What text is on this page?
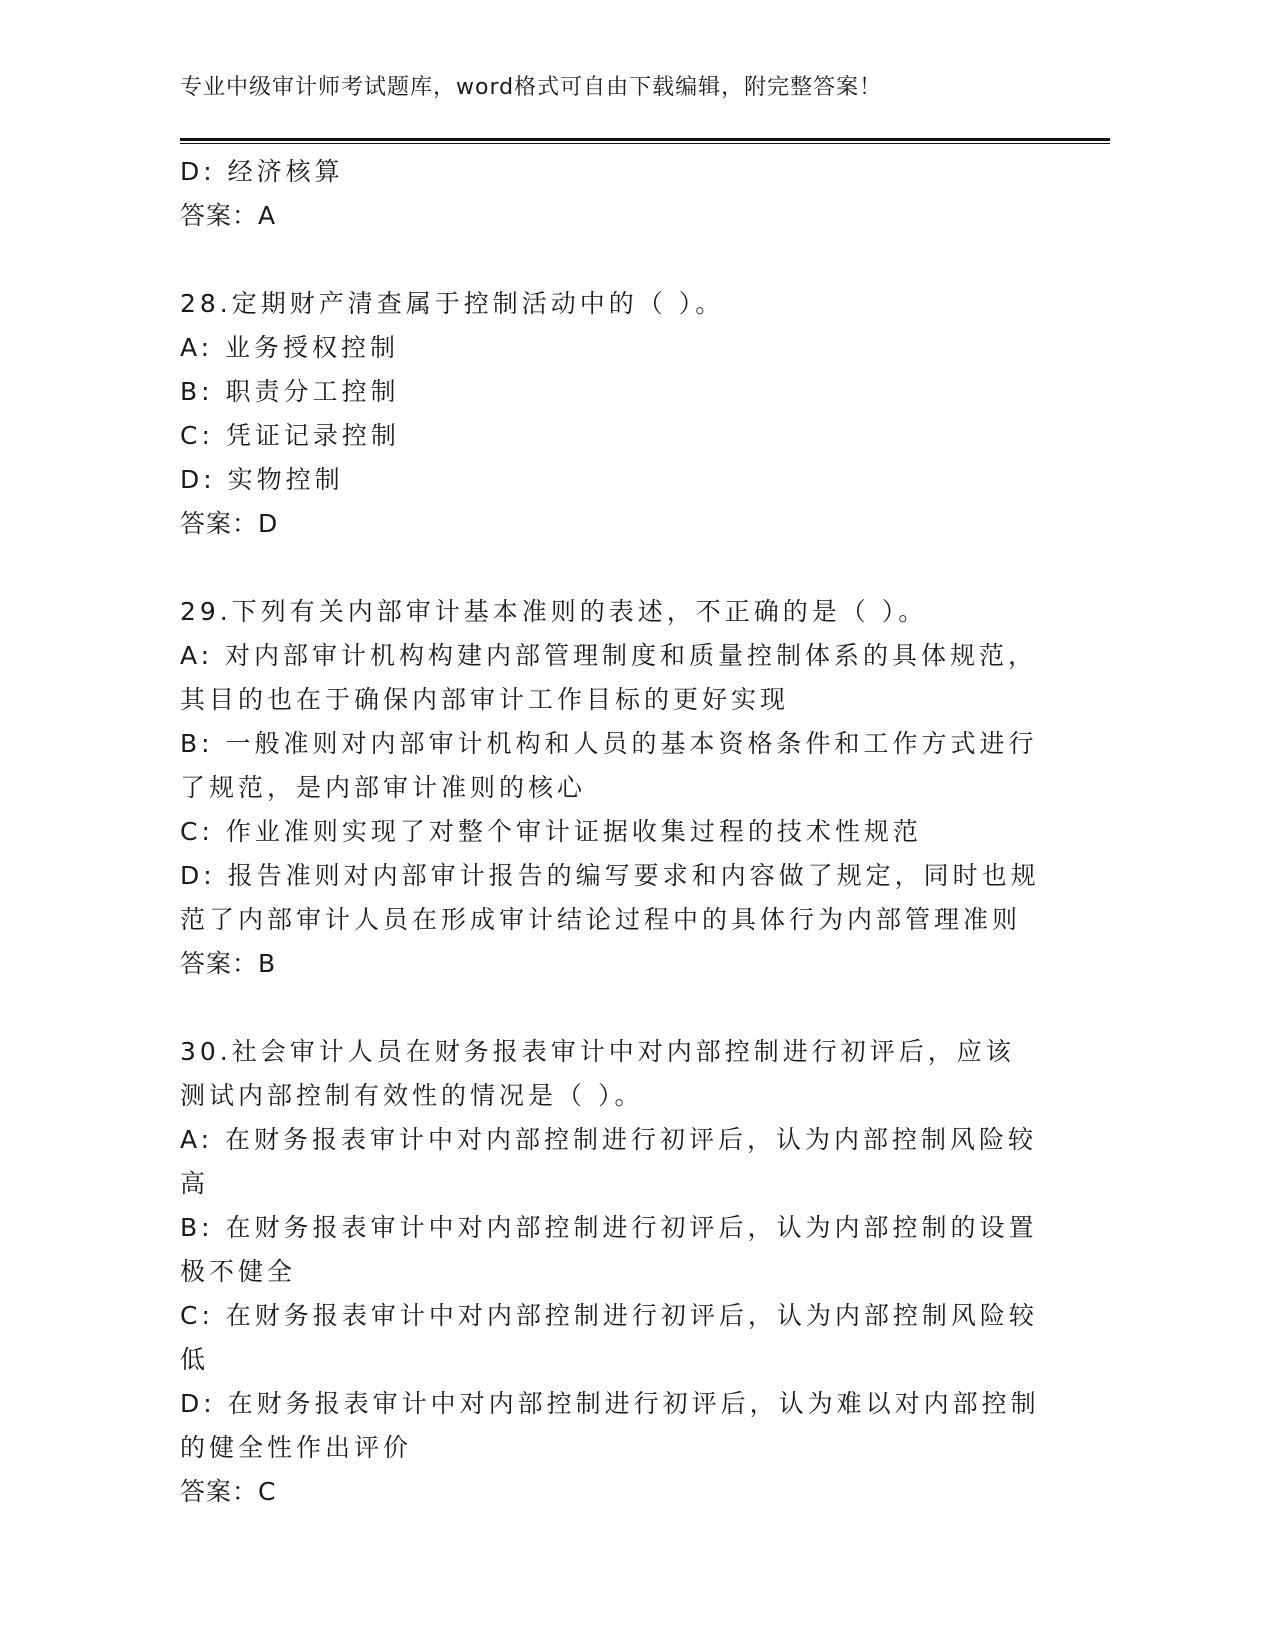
专业中级审计师考试题库，word格式可自由下载编辑，附完整答案！
D: 经济核算
答案：A
28.定期财产清查属于控制活动中的（ ）。
A: 业务授权控制
B: 职责分工控制
C: 凭证记录控制
D: 实物控制
答案：D
29.下列有关内部审计基本准则的表述，不正确的是（ ）。
A: 对内部审计机构构建内部管理制度和质量控制体系的具体规范，其目的也在于确保内部审计工作目标的更好实现
B: 一般准则对内部审计机构和人员的基本资格条件和工作方式进行了规范，是内部审计准则的核心
C: 作业准则实现了对整个审计证据收集过程的技术性规范
D: 报告准则对内部审计报告的编写要求和内容做了规定，同时也规范了内部审计人员在形成审计结论过程中的具体行为内部管理准则
答案：B
30.社会审计人员在财务报表审计中对内部控制进行初评后，应该测试内部控制有效性的情况是（ ）。
A: 在财务报表审计中对内部控制进行初评后，认为内部控制风险较高
B: 在财务报表审计中对内部控制进行初评后，认为内部控制的设置极不健全
C: 在财务报表审计中对内部控制进行初评后，认为内部控制风险较低
D: 在财务报表审计中对内部控制进行初评后，认为难以对内部控制的健全性作出评价
答案：C
